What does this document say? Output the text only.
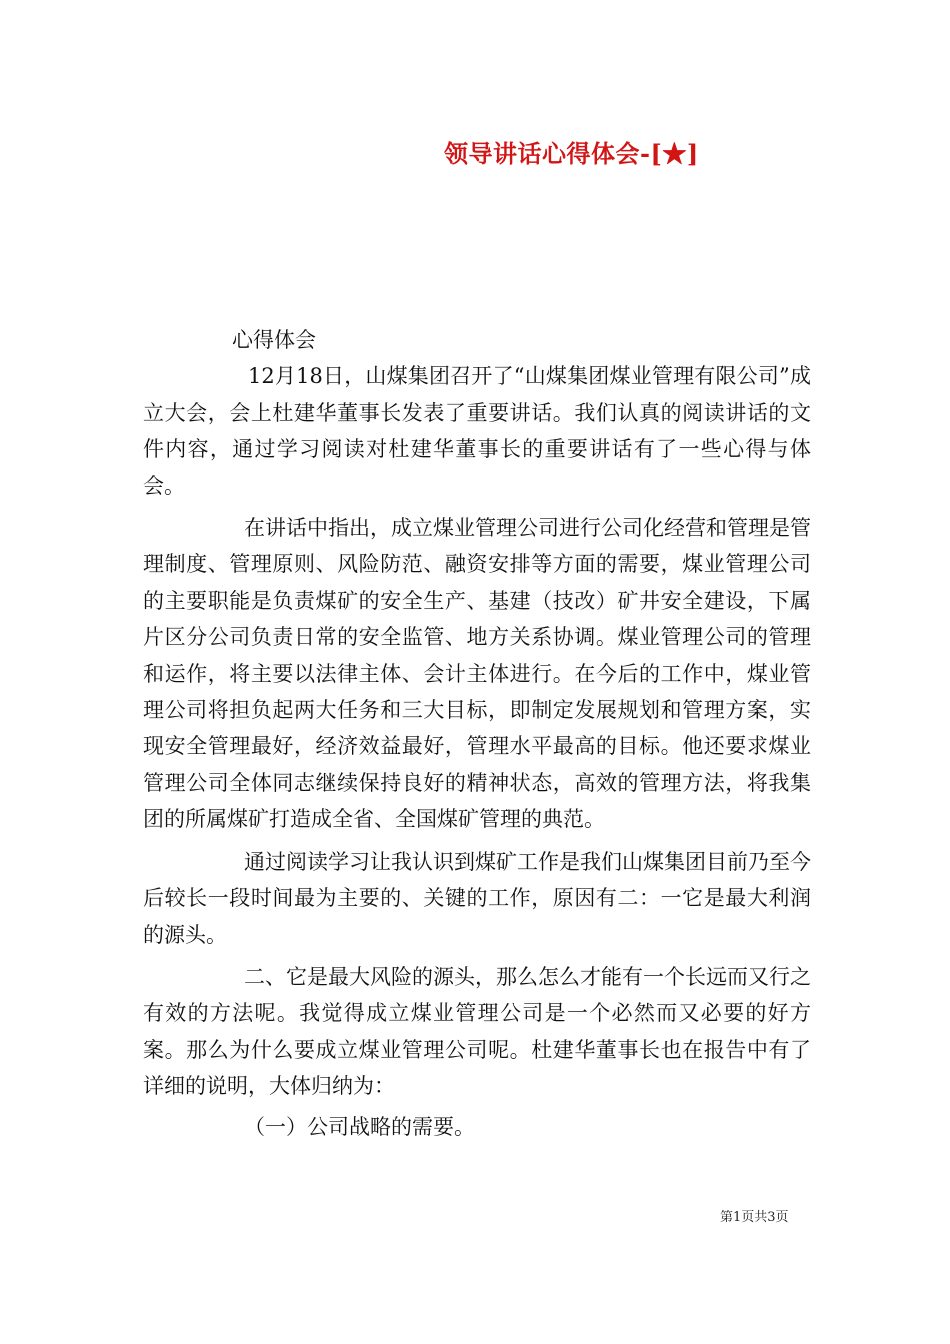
领导讲话心得体会-[★]

心得体会

12月18日，山煤集团召开了“山煤集团煤业管理有限公司”成立大会，会上杜建华董事长发表了重要讲话。我们认真的阅读讲话的文件内容，通过学习阅读对杜建华董事长的重要讲话有了一些心得与体会。

在讲话中指出，成立煤业管理公司进行公司化经营和管理是管理制度、管理原则、风险防范、融资安排等方面的需要，煤业管理公司的主要职能是负责煤矿的安全生产、基建（技改）矿井安全建设，下属片区分公司负责日常的安全监管、地方关系协调。煤业管理公司的管理和运作，将主要以法律主体、会计主体进行。在今后的工作中，煤业管理公司将担负起两大任务和三大目标，即制定发展规划和管理方案，实现安全管理最好，经济效益最好，管理水平最高的目标。他还要求煤业管理公司全体同志继续保持良好的精神状态，高效的管理方法，将我集团的所属煤矿打造成全省、全国煤矿管理的典范。

通过阅读学习让我认识到煤矿工作是我们山煤集团目前乃至今后较长一段时间最为主要的、关键的工作，原因有二：一它是最大利润的源头。

二、它是最大风险的源头，那么怎么才能有一个长远而又行之有效的方法呢。我觉得成立煤业管理公司是一个必然而又必要的好方案。那么为什么要成立煤业管理公司呢。杜建华董事长也在报告中有了详细的说明，大体归纳为：

（一）公司战略的需要。

第1页共3页
